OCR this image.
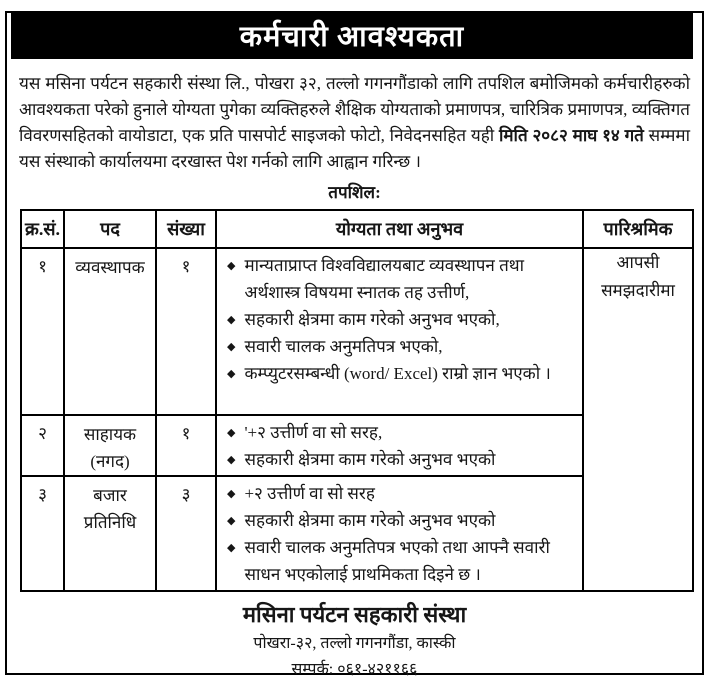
कर्मचारी आवश्यकता

यस मसिना पर्यटन सहकारी संस्था लि., पोखरा ३२, तल्लो गगनगौंडाको लागि तपशिल बमोजिमको कर्मचारीहरुको आवश्यकता परेको हुनाले योग्यता पुगेका व्यक्तिहरुले शैक्षिक योग्यताको प्रमाणपत्र, चारित्रिक प्रमाणपत्र, व्यक्तिगत विवरणसहितको वायोडाटा, एक प्रति पासपोर्ट साइजको फोटो, निवेदनसहित यही मिति २०८२ माघ १४ गते सम्ममा यस संस्थाको कार्यालयमा दरखास्त पेश गर्नको लागि आह्वान गरिन्छ ।

तपशिल:
क्र.सं.	पद	संख्या	योग्यता तथा अनुभव	पारिश्रमिक
१	व्यवस्थापक	१	◆ मान्यताप्राप्त विश्वविद्यालयबाट व्यवस्थापन तथा अर्थशास्त्र विषयमा स्नातक तह उत्तीर्ण,
◆ सहकारी क्षेत्रमा काम गरेको अनुभव भएको,
◆ सवारी चालक अनुमतिपत्र भएको,
◆ कम्प्युटरसम्बन्धी (word/ Excel) राम्रो ज्ञान भएको ।
	आपसी समझदारीमा
२	साहायक (नगद)	१	◆ '+२ उत्तीर्ण वा सो सरह,
◆ सहकारी क्षेत्रमा काम गरेको अनुभव भएको	

३	बजार प्रतिनिधि	३	◆ +२ उत्तीर्ण वा सो सरह
◆ सहकारी क्षेत्रमा काम गरेको अनुभव भएको
◆ सवारी चालक अनुमतिपत्र भएको तथा आफ्नै सवारी साधन भएकोलाई प्राथमिकता दिइने छ ।
मसिना पर्यटन सहकारी संस्था
पोखरा-३२, तल्लो गगनगौंडा, कास्की
सम्पर्क: ०६१-४२११६६
